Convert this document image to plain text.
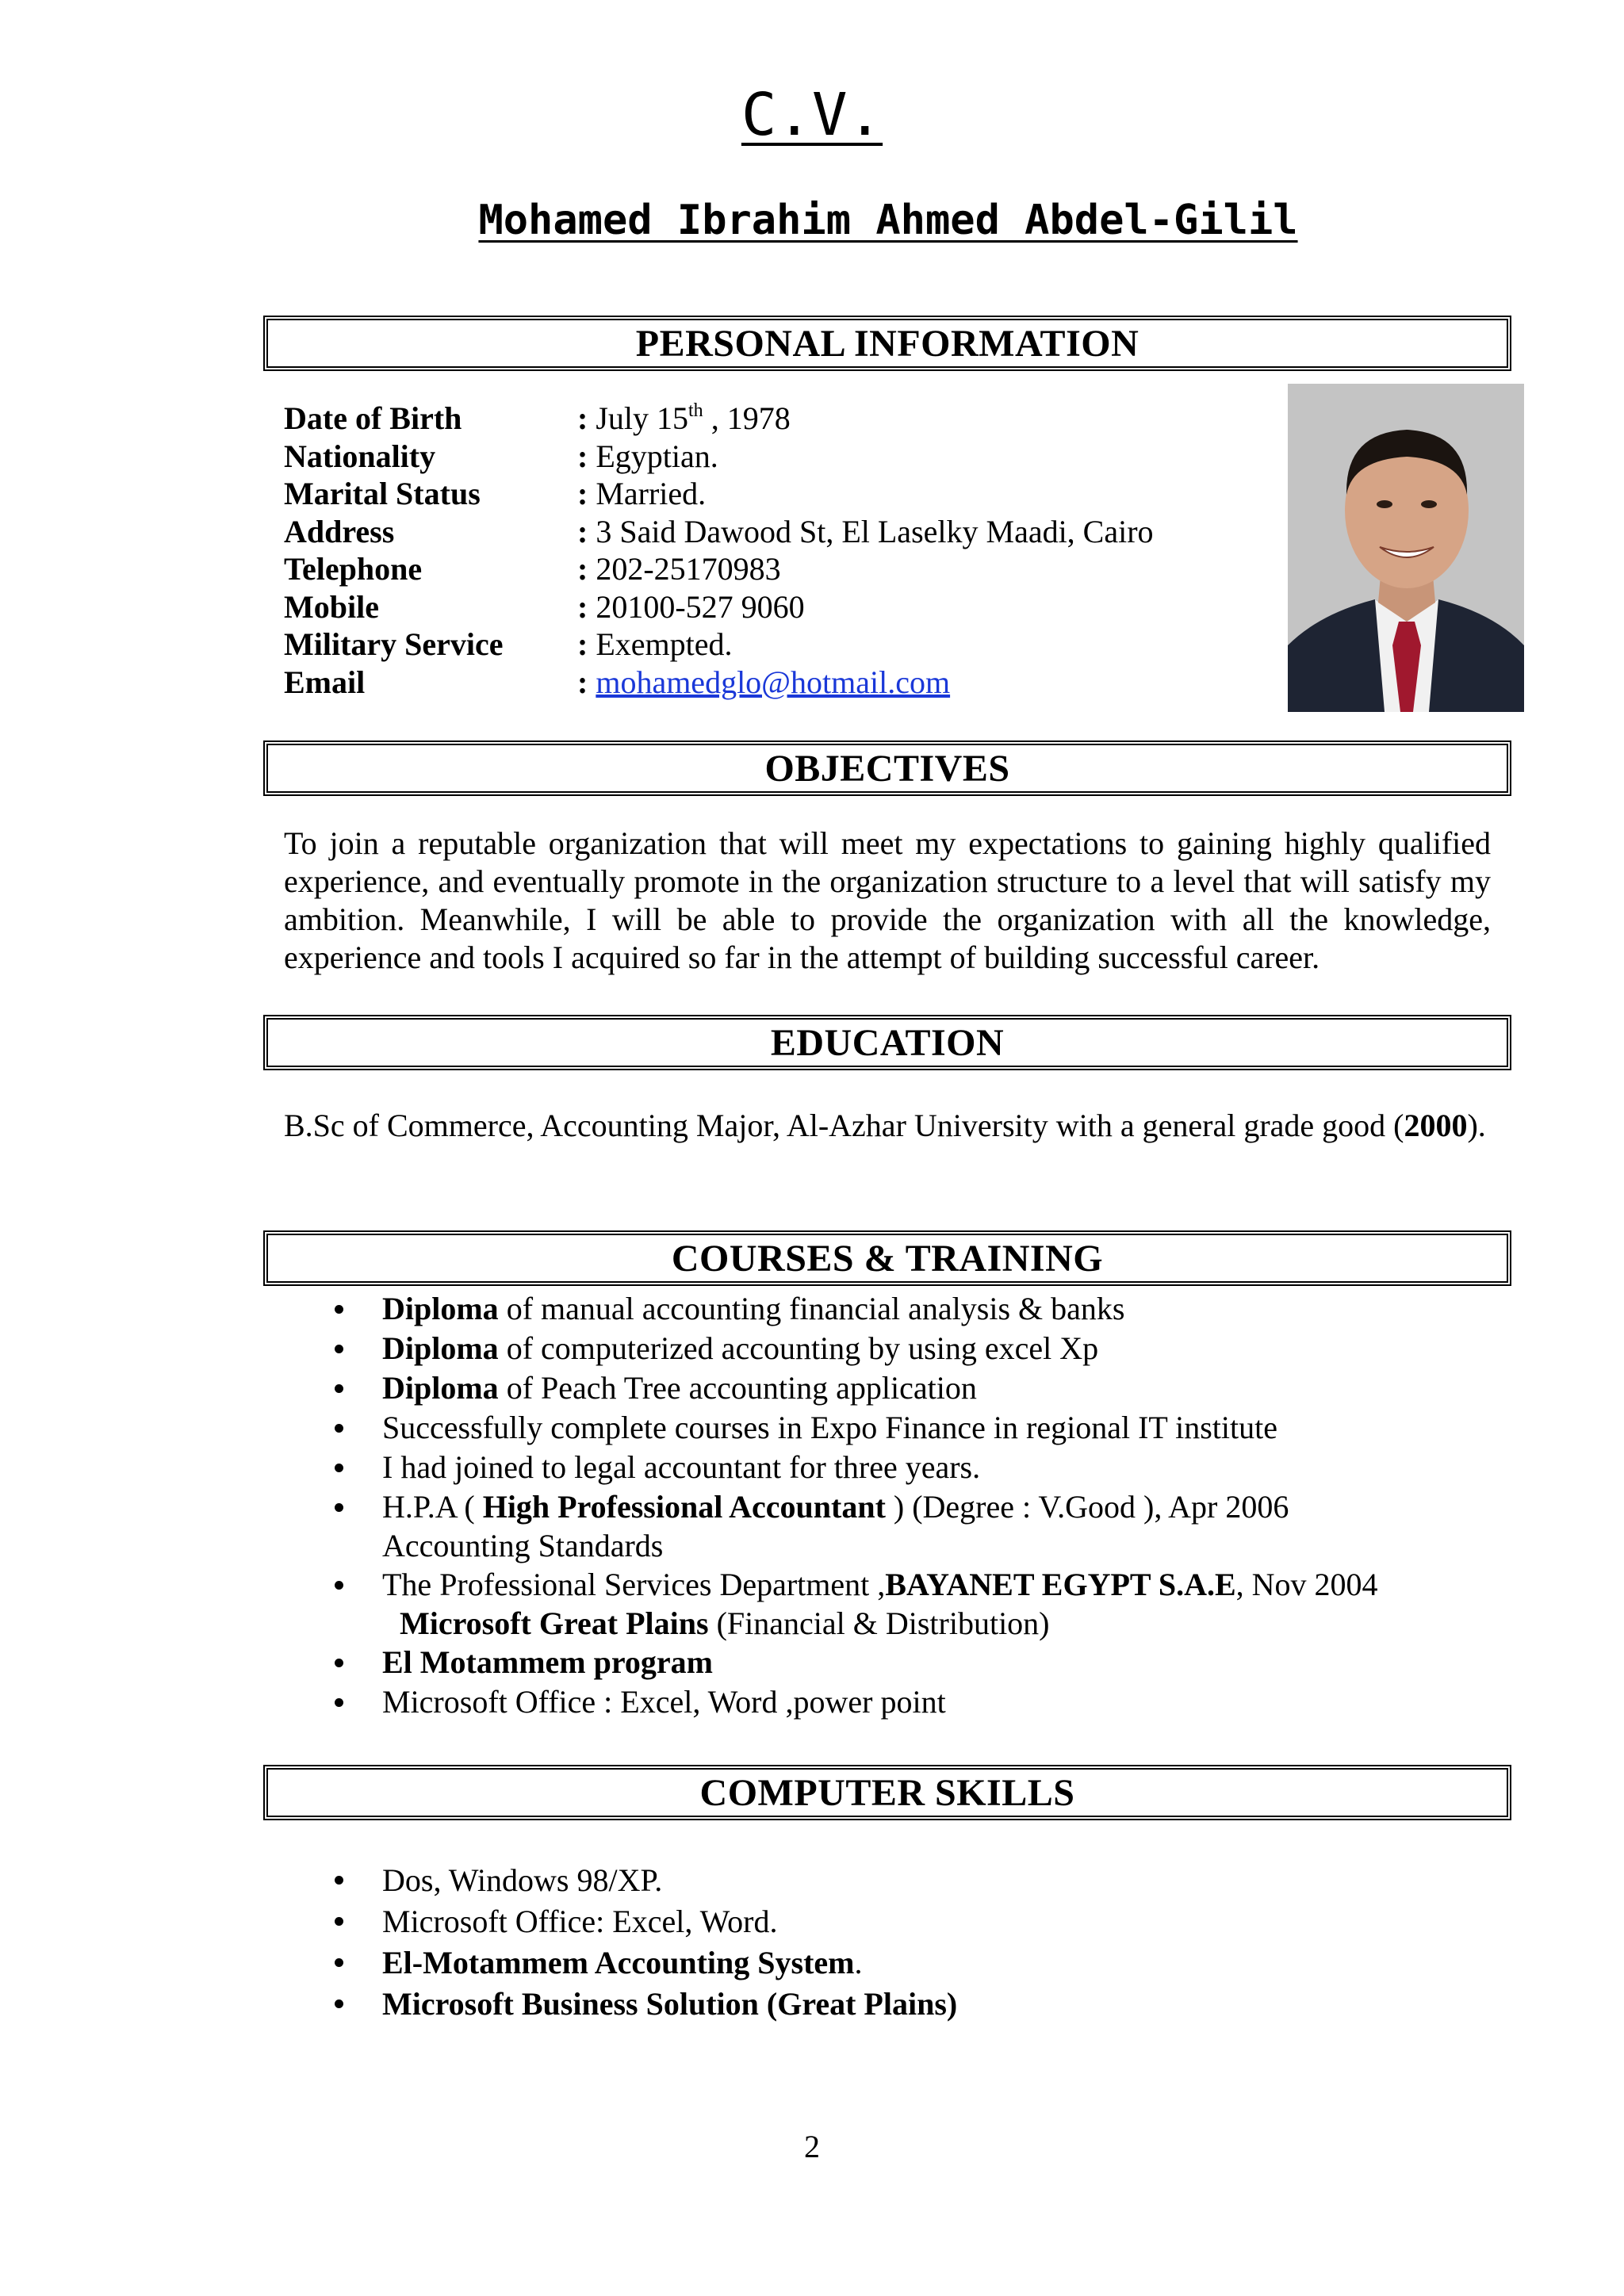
C.V.
Mohamed Ibrahim Ahmed Abdel-Gilil
PERSONAL INFORMATION
Date of Birth	: July 15th , 1978
Nationality	: Egyptian.
Marital Status	: Married.
Address	: 3 Said Dawood St, El Laselky Maadi, Cairo
Telephone	: 202-25170983
Mobile	: 20100-527 9060
Military Service : Exempted.
Email	: mohamedglo@hotmail.com
OBJECTIVES

To join a reputable organization that will meet my expectations to gaining highly qualified experience, and eventually promote in the organization structure to a level that will satisfy my ambition. Meanwhile, I will be able to provide the organization with all the knowledge, experience and tools I acquired so far in the attempt of building successful career.

EDUCATION

B.Sc of Commerce, Accounting Major, Al-Azhar University with a general grade good (2000).

COURSES & TRAINING
Diploma of manual accounting financial analysis & banks
Diploma of computerized accounting by using excel Xp
Diploma of Peach Tree accounting application
Successfully complete courses in Expo Finance in regional IT institute
I had joined to legal accountant for three years.
H.P.A ( High Professional Accountant ) (Degree : V.Good ), Apr 2006
Accounting Standards
The Professional Services Department ,BAYANET EGYPT S.A.E, Nov 2004
Microsoft Great Plains (Financial & Distribution)
El Motammem program
Microsoft Office : Excel, Word ,power point
COMPUTER SKILLS
Dos, Windows 98/XP.
Microsoft Office: Excel, Word.
El-Motammem Accounting System.
Microsoft Business Solution (Great Plains)
2
